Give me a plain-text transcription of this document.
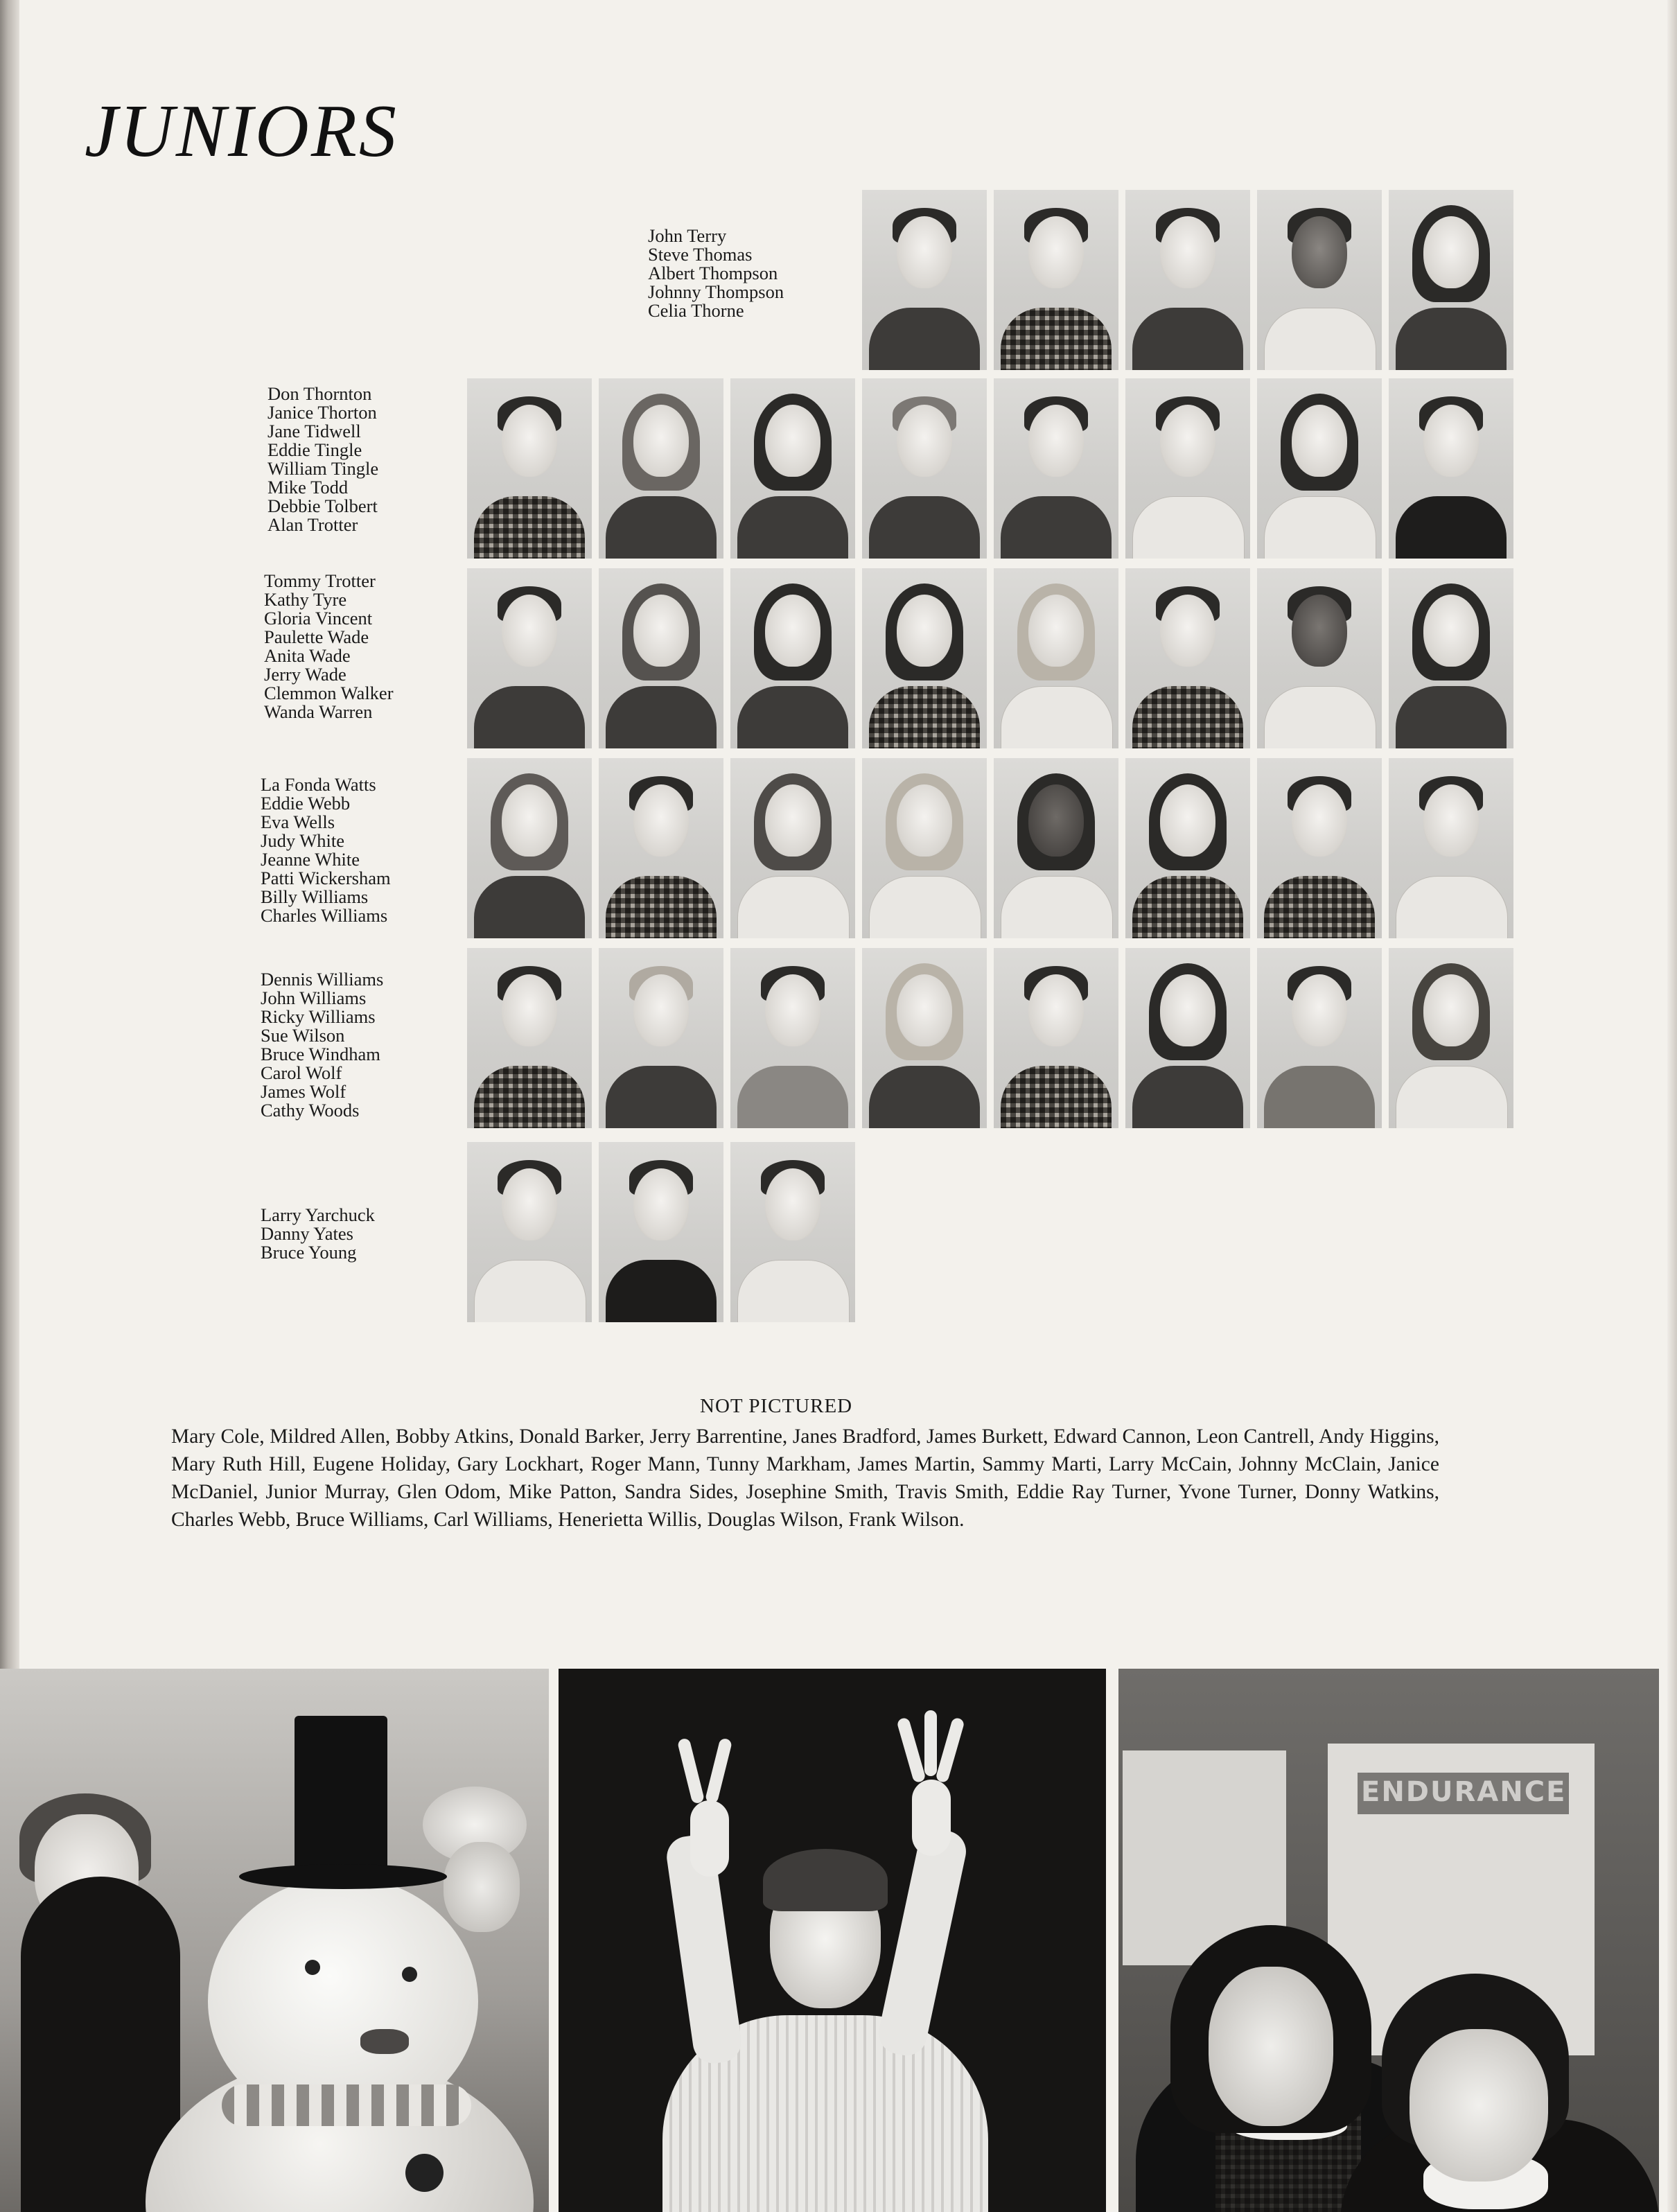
JUNIORS
John Terry
Steve Thomas
Albert Thompson
Johnny Thompson
Celia Thorne
Don Thornton
Janice Thorton
Jane Tidwell
Eddie Tingle
William Tingle
Mike Todd
Debbie Tolbert
Alan Trotter
Tommy Trotter
Kathy Tyre
Gloria Vincent
Paulette Wade
Anita Wade
Jerry Wade
Clemmon Walker
Wanda Warren
La Fonda Watts
Eddie Webb
Eva Wells
Judy White
Jeanne White
Patti Wickersham
Billy Williams
Charles Williams
Dennis Williams
John Williams
Ricky Williams
Sue Wilson
Bruce Windham
Carol Wolf
James Wolf
Cathy Woods
Larry Yarchuck
Danny Yates
Bruce Young
NOT PICTURED
Mary Cole, Mildred Allen, Bobby Atkins, Donald Barker, Jerry Barrentine, Janes Bradford, James Burkett, Edward Cannon, Leon Cantrell, Andy Higgins, Mary Ruth Hill, Eugene Holiday, Gary Lockhart, Roger Mann, Tunny Markham, James Martin, Sammy Marti, Larry McCain, Johnny McClain, Janice McDaniel, Junior Murray, Glen Odom, Mike Patton, Sandra Sides, Josephine Smith, Travis Smith, Eddie Ray Turner, Yvone Turner, Donny Watkins, Charles Webb, Bruce Williams, Carl Williams, Henerietta Willis, Douglas Wilson, Frank Wilson.
ENDURANCE
